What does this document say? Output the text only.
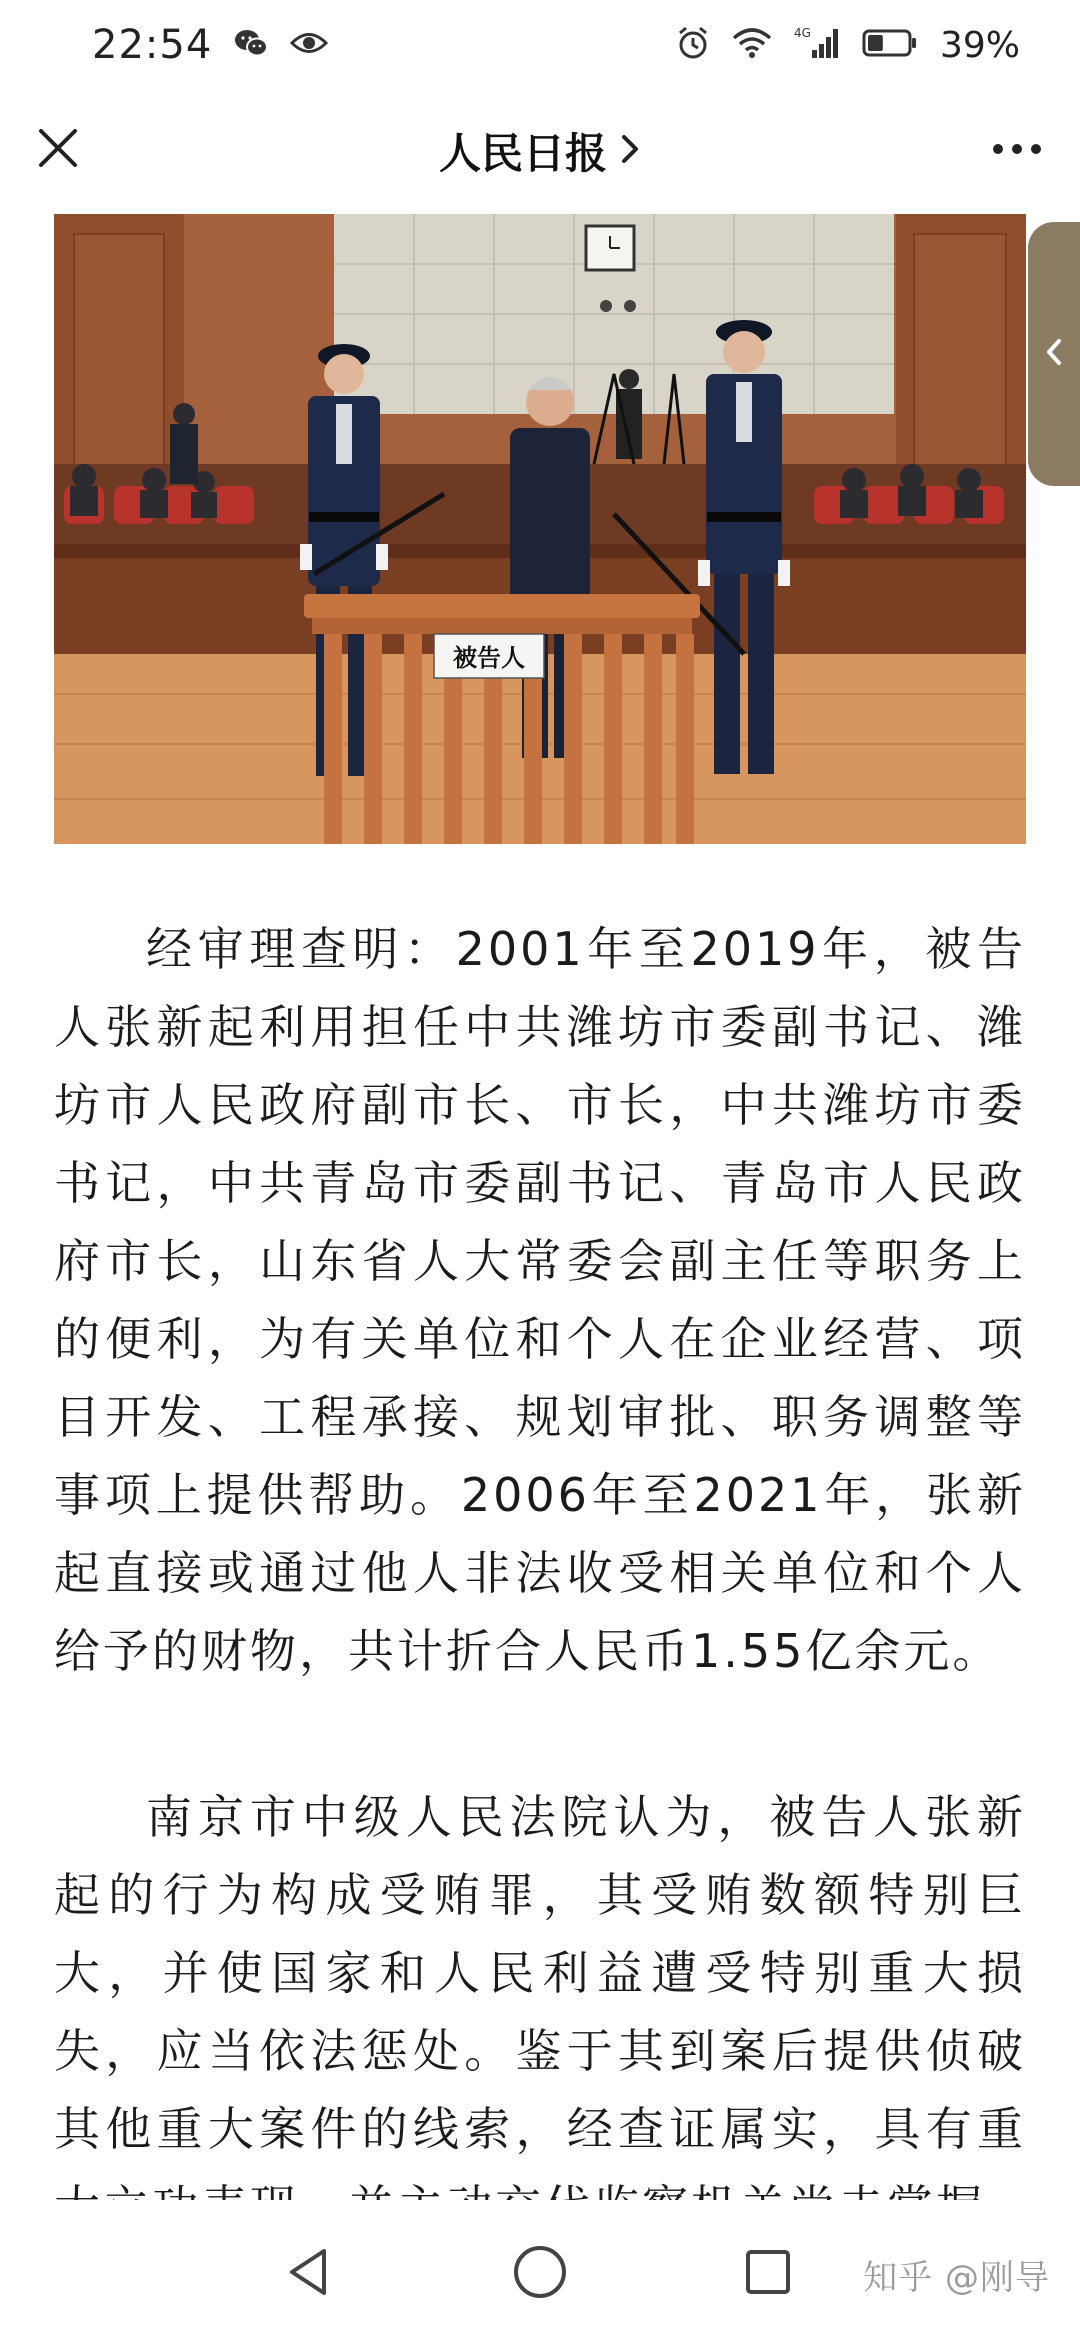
22:54	4G	39%
人民日报
被告人

经审理查明：2001年至2019年，被告人张新起利用担任中共潍坊市委副书记、潍坊市人民政府副市长、市长，中共潍坊市委书记，中共青岛市委副书记、青岛市人民政府市长，山东省人大常委会副主任等职务上的便利，为有关单位和个人在企业经营、项目开发、工程承接、规划审批、职务调整等事项上提供帮助。2006年至2021年，张新起直接或通过他人非法收受相关单位和个人给予的财物，共计折合人民币1.55亿余元。

南京市中级人民法院认为，被告人张新起的行为构成受贿罪，其受贿数额特别巨大，并使国家和人民利益遭受特别重大损失，应当依法惩处。鉴于其到案后提供侦破其他重大案件的线索，经查证属实，具有重

知乎 @刚导
